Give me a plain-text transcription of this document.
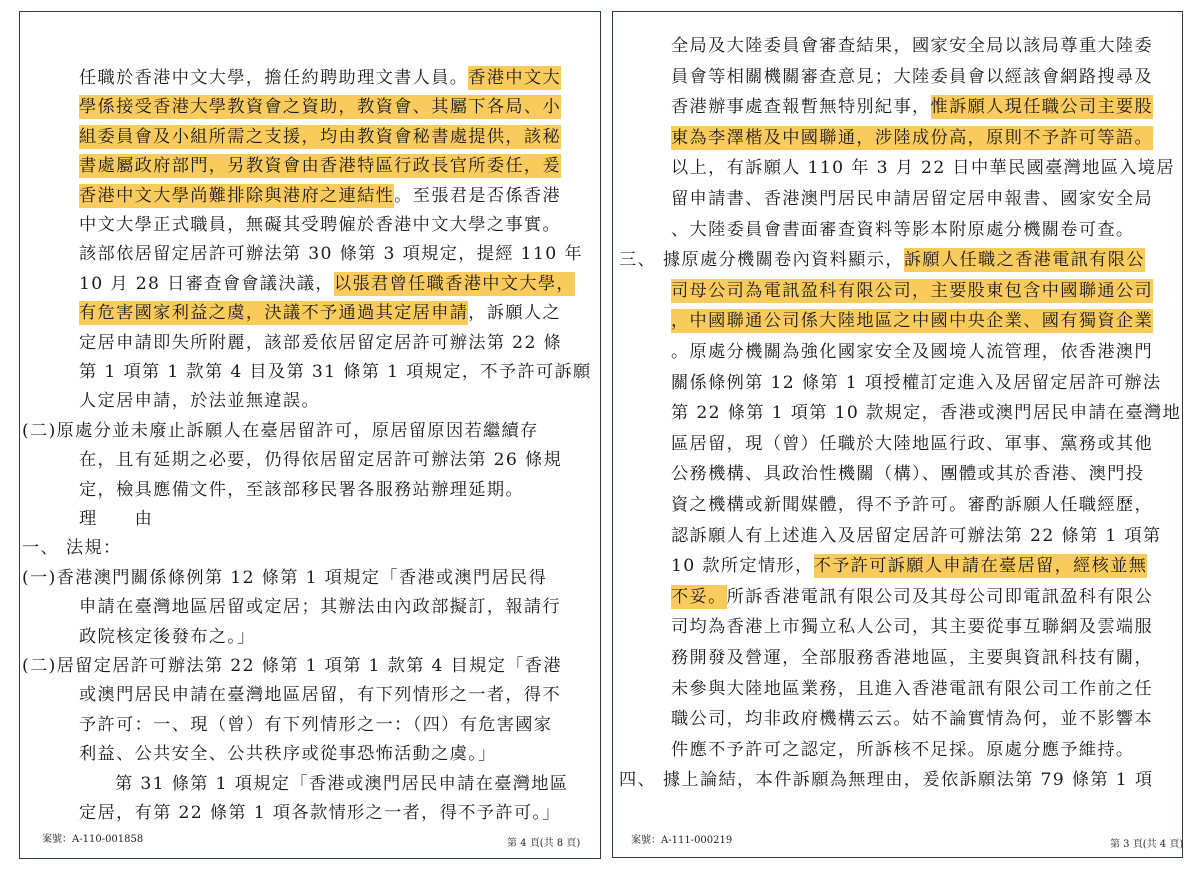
任職於香港中文大學，擔任約聘助理文書人員。香港中文大
學係接受香港大學教資會之資助，教資會、其屬下各局、小
組委員會及小組所需之支援，均由教資會秘書處提供，該秘
書處屬政府部門，另教資會由香港特區行政長官所委任，爰
香港中文大學尚難排除與港府之連結性。至張君是否係香港
中文大學正式職員，無礙其受聘僱於香港中文大學之事實。
該部依居留定居許可辦法第 30 條第 3 項規定，提經 110 年
10 月 28 日審查會會議決議，以張君曾任職香港中文大學，
有危害國家利益之虞，決議不予通過其定居申請，訴願人之
定居申請即失所附麗，該部爰依居留定居許可辦法第 22 條
第 1 項第 1 款第 4 目及第 31 條第 1 項規定，不予許可訴願
人定居申請，於法並無違誤。
(二)原處分並未廢止訴願人在臺居留許可，原居留原因若繼續存
在，且有延期之必要，仍得依居留定居許可辦法第 26 條規
定，檢具應備文件，至該部移民署各服務站辦理延期。
理　　由
一、 法規：
(一)香港澳門關係條例第 12 條第 1 項規定「香港或澳門居民得
申請在臺灣地區居留或定居；其辦法由內政部擬訂，報請行
政院核定後發布之。」
(二)居留定居許可辦法第 22 條第 1 項第 1 款第 4 目規定「香港
或澳門居民申請在臺灣地區居留，有下列情形之一者，得不
予許可：一、現（曾）有下列情形之一：（四）有危害國家
利益、公共安全、公共秩序或從事恐怖活動之虞。」
第 31 條第 1 項規定「香港或澳門居民申請在臺灣地區
定居，有第 22 條第 1 項各款情形之一者，得不予許可。」
案號：A-110-001858	第 4 頁(共 8 頁)
全局及大陸委員會審查結果，國家安全局以該局尊重大陸委
員會等相關機關審查意見；大陸委員會以經該會網路搜尋及
香港辦事處查報暫無特別紀事，惟訴願人現任職公司主要股
東為李澤楷及中國聯通，涉陸成份高，原則不予許可等語。
以上，有訴願人 110 年 3 月 22 日中華民國臺灣地區入境居
留申請書、香港澳門居民申請居留定居申報書、國家安全局
、大陸委員會書面審查資料等影本附原處分機關卷可查。
三、 據原處分機關卷內資料顯示，訴願人任職之香港電訊有限公
司母公司為電訊盈科有限公司，主要股東包含中國聯通公司
，中國聯通公司係大陸地區之中國中央企業、國有獨資企業
。原處分機關為強化國家安全及國境人流管理，依香港澳門
關係條例第 12 條第 1 項授權訂定進入及居留定居許可辦法
第 22 條第 1 項第 10 款規定，香港或澳門居民申請在臺灣地
區居留，現（曾）任職於大陸地區行政、軍事、黨務或其他
公務機構、具政治性機關（構）、團體或其於香港、澳門投
資之機構或新聞媒體，得不予許可。審酌訴願人任職經歷，
認訴願人有上述進入及居留定居許可辦法第 22 條第 1 項第
10 款所定情形，不予許可訴願人申請在臺居留，經核並無
不妥。所訴香港電訊有限公司及其母公司即電訊盈科有限公
司均為香港上市獨立私人公司，其主要從事互聯網及雲端服
務開發及營運，全部服務香港地區，主要與資訊科技有關，
未參與大陸地區業務，且進入香港電訊有限公司工作前之任
職公司，均非政府機構云云。姑不論實情為何，並不影響本
件應不予許可之認定，所訴核不足採。原處分應予維持。
四、 據上論結，本件訴願為無理由，爰依訴願法第 79 條第 1 項
案號：A-111-000219	第 3 頁(共 4 頁)
